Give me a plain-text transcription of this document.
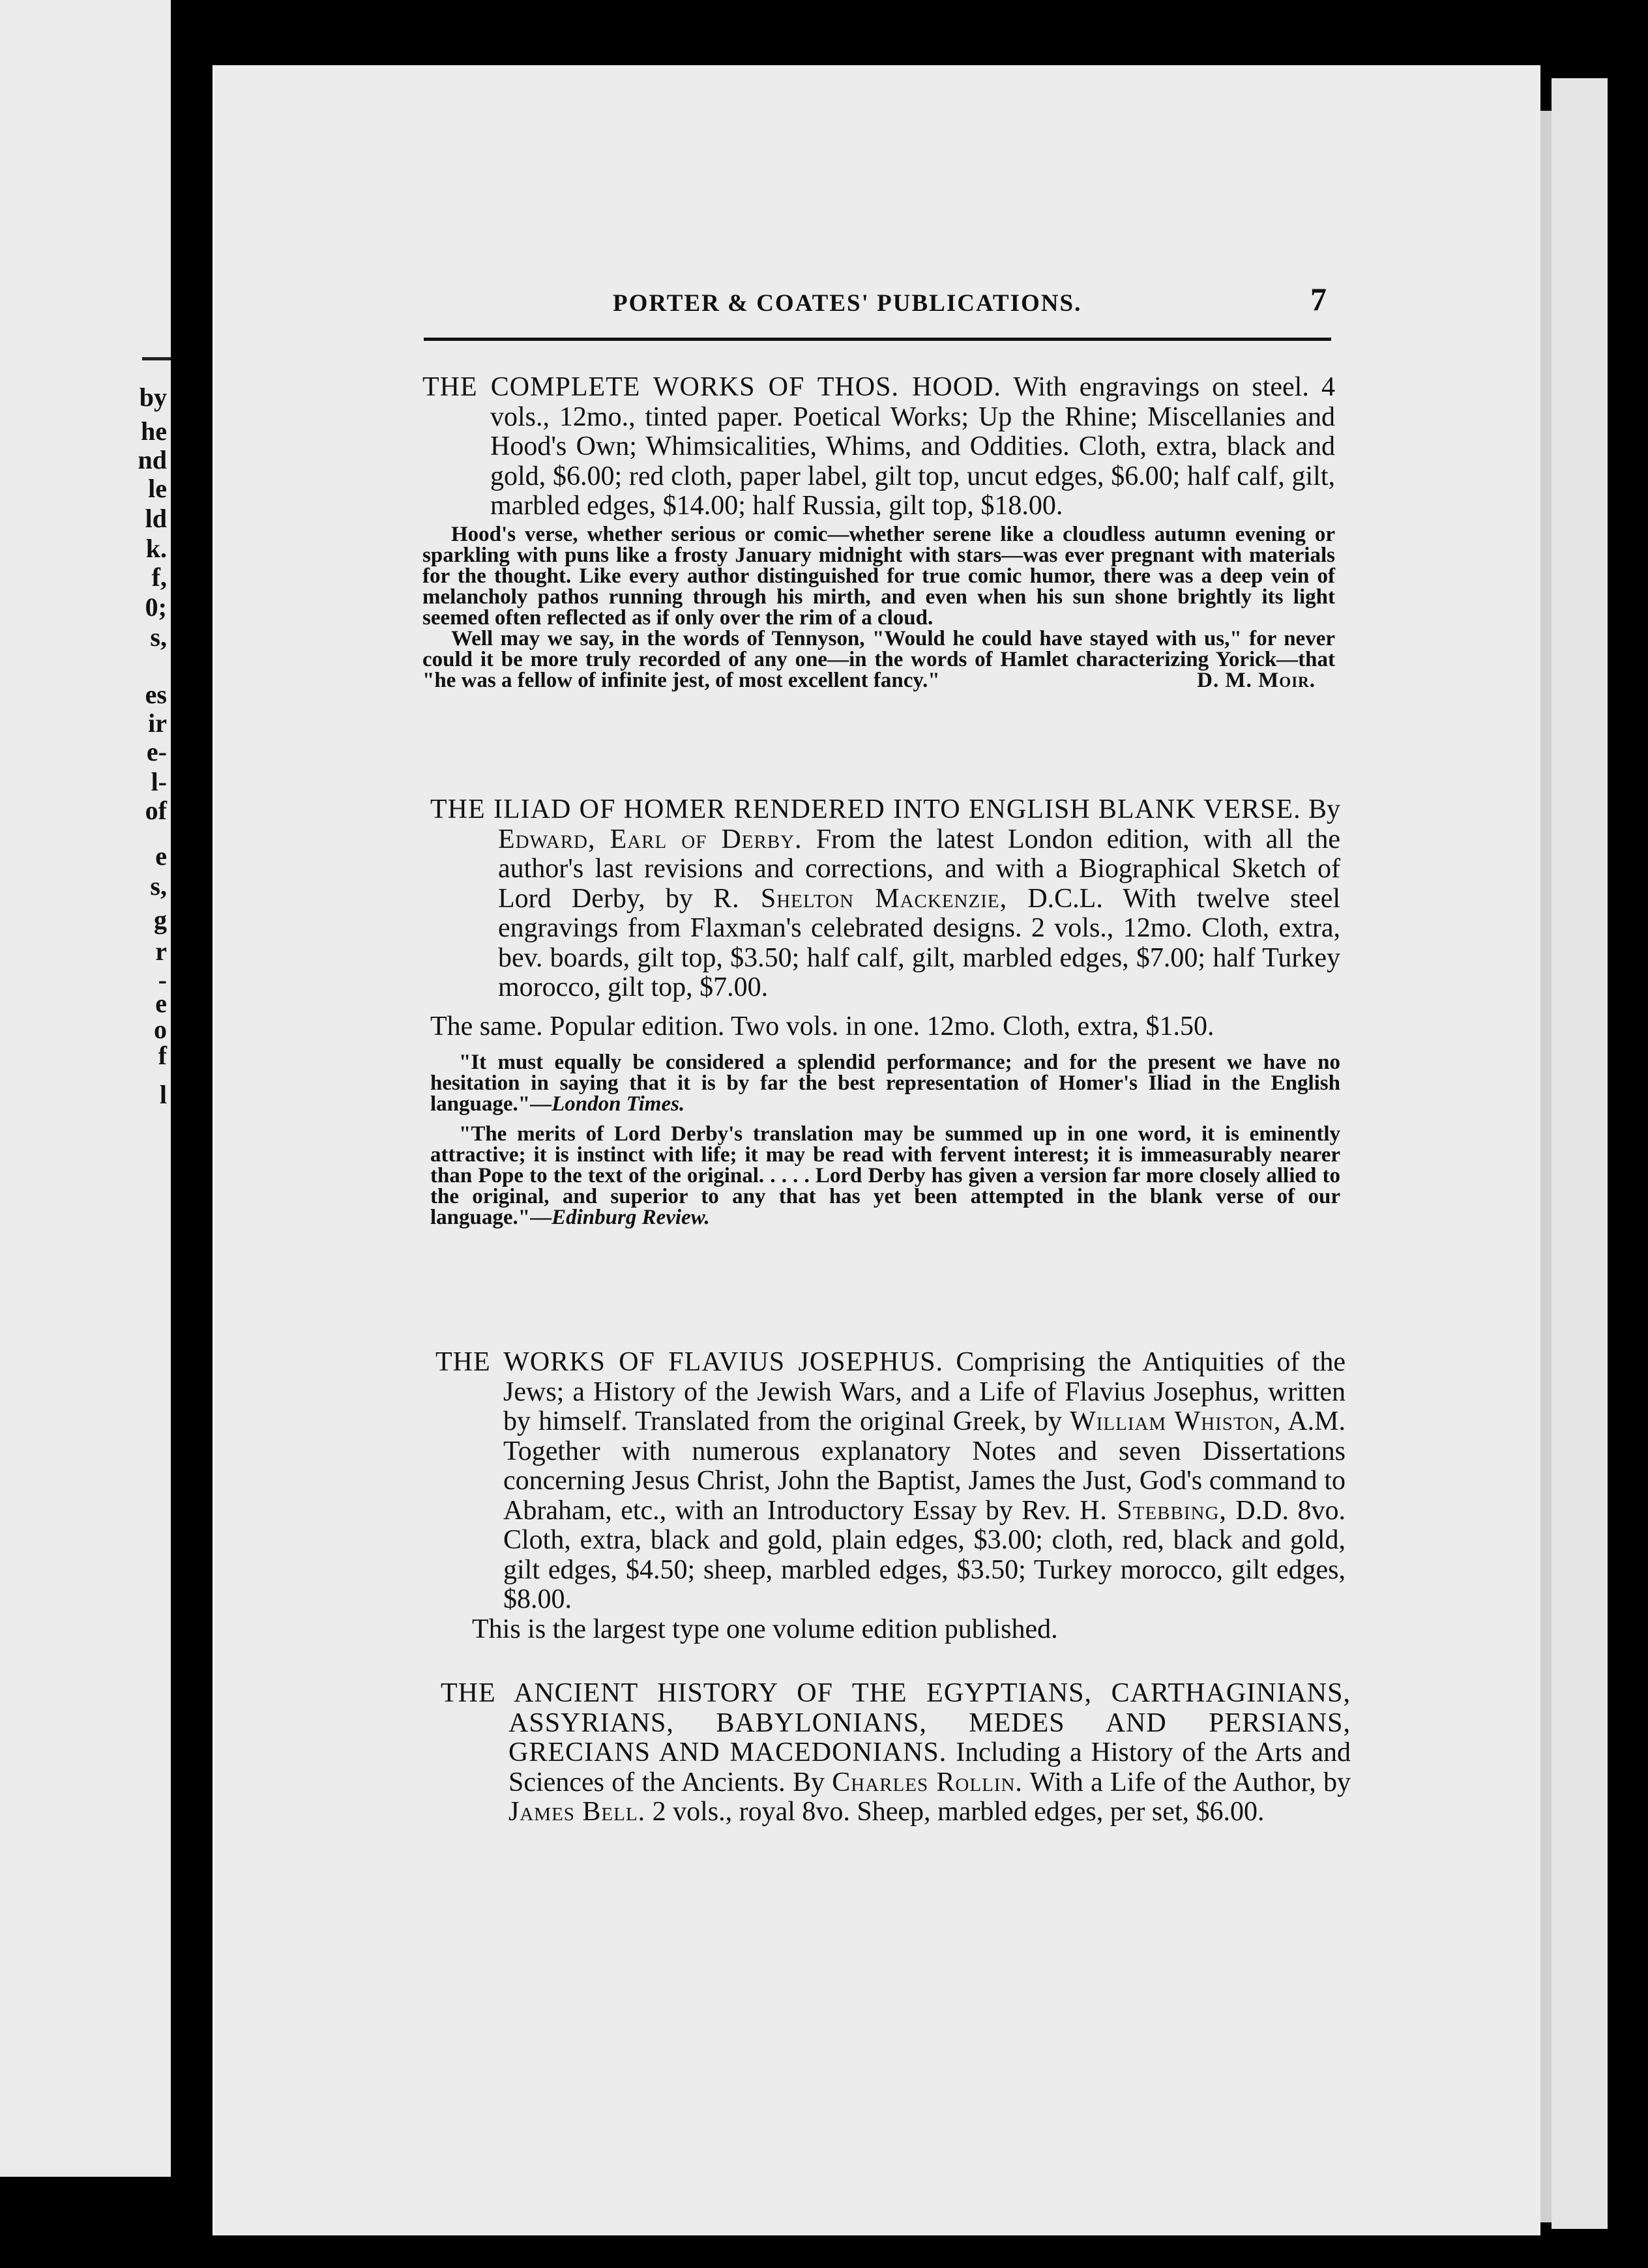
by
he
nd
le
ld
k.
f,
0;
s,
es
ir
e-
l-
of
e
s,
g
r
-
e
o
f
l
PORTER & COATES' PUBLICATIONS.	7

THE COMPLETE WORKS OF THOS. HOOD. With engravings on steel. 4 vols., 12mo., tinted paper. Poetical Works; Up the Rhine; Miscellanies and Hood's Own; Whimsicalities, Whims, and Oddities. Cloth, extra, black and gold, $6.00; red cloth, paper label, gilt top, uncut edges, $6.00; half calf, gilt, marbled edges, $14.00; half Russia, gilt top, $18.00.

Hood's verse, whether serious or comic—whether serene like a cloudless autumn evening or sparkling with puns like a frosty January midnight with stars—was ever pregnant with materials for the thought. Like every author distinguished for true comic humor, there was a deep vein of melancholy pathos running through his mirth, and even when his sun shone brightly its light seemed often reflected as if only over the rim of a cloud.

Well may we say, in the words of Tennyson, "Would he could have stayed with us," for never could it be more truly recorded of any one—in the words of Hamlet characterizing Yorick—that "he was a fellow of infinite jest, of most excellent fancy."	D. M. Moir.

THE ILIAD OF HOMER RENDERED INTO ENGLISH BLANK VERSE. By Edward, Earl of Derby. From the latest London edition, with all the author's last revisions and corrections, and with a Biographical Sketch of Lord Derby, by R. Shelton Mackenzie, D.C.L. With twelve steel engravings from Flaxman's celebrated designs. 2 vols., 12mo. Cloth, extra, bev. boards, gilt top, $3.50; half calf, gilt, marbled edges, $7.00; half Turkey morocco, gilt top, $7.00.

The same. Popular edition. Two vols. in one. 12mo. Cloth, extra, $1.50.

"It must equally be considered a splendid performance; and for the present we have no hesitation in saying that it is by far the best representation of Homer's Iliad in the English language."—London Times.

"The merits of Lord Derby's translation may be summed up in one word, it is eminently attractive; it is instinct with life; it may be read with fervent interest; it is immeasurably nearer than Pope to the text of the original. . . . . Lord Derby has given a version far more closely allied to the original, and superior to any that has yet been attempted in the blank verse of our language."—Edinburg Review.

THE WORKS OF FLAVIUS JOSEPHUS. Comprising the Antiquities of the Jews; a History of the Jewish Wars, and a Life of Flavius Josephus, written by himself. Translated from the original Greek, by William Whiston, A.M. Together with numerous explanatory Notes and seven Dissertations concerning Jesus Christ, John the Baptist, James the Just, God's command to Abraham, etc., with an Introductory Essay by Rev. H. Stebbing, D.D. 8vo. Cloth, extra, black and gold, plain edges, $3.00; cloth, red, black and gold, gilt edges, $4.50; sheep, marbled edges, $3.50; Turkey morocco, gilt edges, $8.00.

This is the largest type one volume edition published.

THE ANCIENT HISTORY OF THE EGYPTIANS, CARTHAGINIANS, ASSYRIANS, BABYLONIANS, MEDES AND PERSIANS, GRECIANS AND MACEDONIANS. Including a History of the Arts and Sciences of the Ancients. By Charles Rollin. With a Life of the Author, by James Bell. 2 vols., royal 8vo. Sheep, marbled edges, per set, $6.00.
